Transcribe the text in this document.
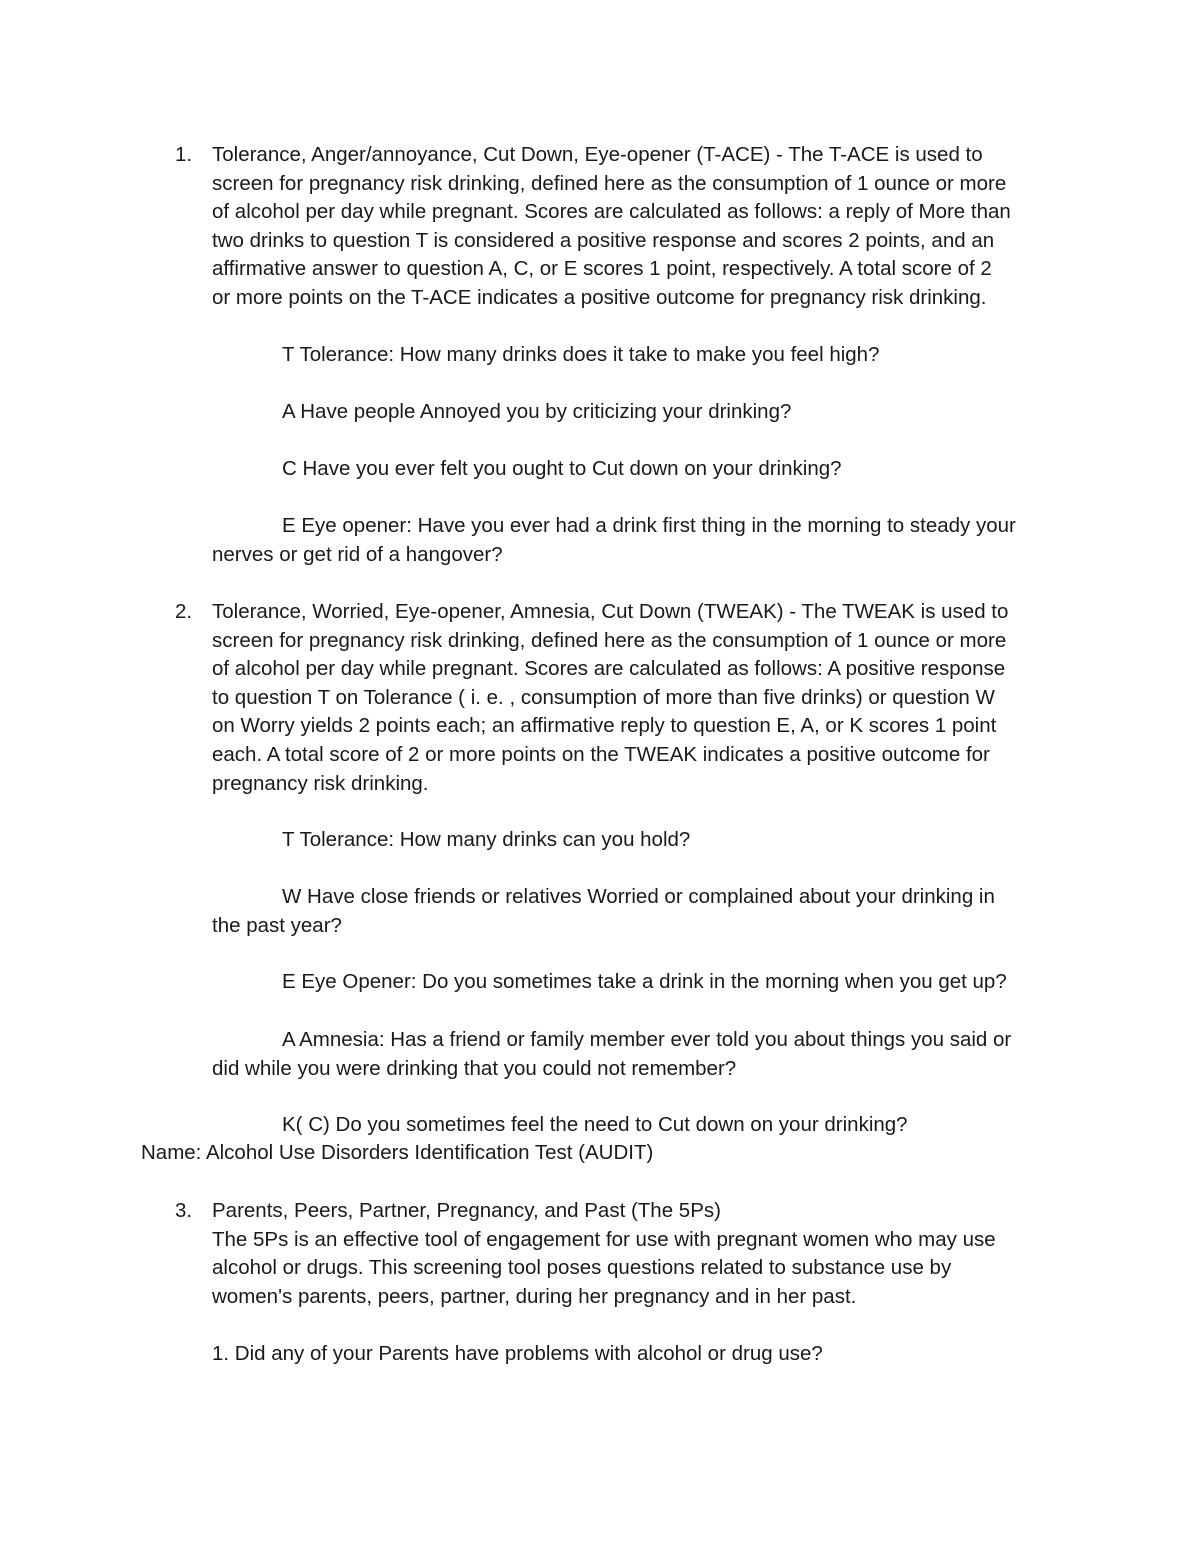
1. Tolerance, Anger/annoyance, Cut Down, Eye-opener (T-ACE) - The T-ACE is used to
screen for pregnancy risk drinking, defined here as the consumption of 1 ounce or more
of alcohol per day while pregnant. Scores are calculated as follows: a reply of More than
two drinks to question T is considered a positive response and scores 2 points, and an
affirmative answer to question A, C, or E scores 1 point, respectively. A total score of 2
or more points on the T-ACE indicates a positive outcome for pregnancy risk drinking.
T Tolerance: How many drinks does it take to make you feel high?
A Have people Annoyed you by criticizing your drinking?
C Have you ever felt you ought to Cut down on your drinking?
E Eye opener: Have you ever had a drink first thing in the morning to steady your
nerves or get rid of a hangover?
2. Tolerance, Worried, Eye-opener, Amnesia, Cut Down (TWEAK) - The TWEAK is used to
screen for pregnancy risk drinking, defined here as the consumption of 1 ounce or more
of alcohol per day while pregnant. Scores are calculated as follows: A positive response
to question T on Tolerance ( i. e. , consumption of more than five drinks) or question W
on Worry yields 2 points each; an affirmative reply to question E, A, or K scores 1 point
each. A total score of 2 or more points on the TWEAK indicates a positive outcome for
pregnancy risk drinking.
T Tolerance: How many drinks can you hold?
W Have close friends or relatives Worried or complained about your drinking in
the past year?
E Eye Opener: Do you sometimes take a drink in the morning when you get up?
A Amnesia: Has a friend or family member ever told you about things you said or
did while you were drinking that you could not remember?
K( C) Do you sometimes feel the need to Cut down on your drinking?
Name: Alcohol Use Disorders Identification Test (AUDIT)
3. Parents, Peers, Partner, Pregnancy, and Past (The 5Ps)
The 5Ps is an effective tool of engagement for use with pregnant women who may use
alcohol or drugs. This screening tool poses questions related to substance use by
women's parents, peers, partner, during her pregnancy and in her past.
1. Did any of your Parents have problems with alcohol or drug use?
